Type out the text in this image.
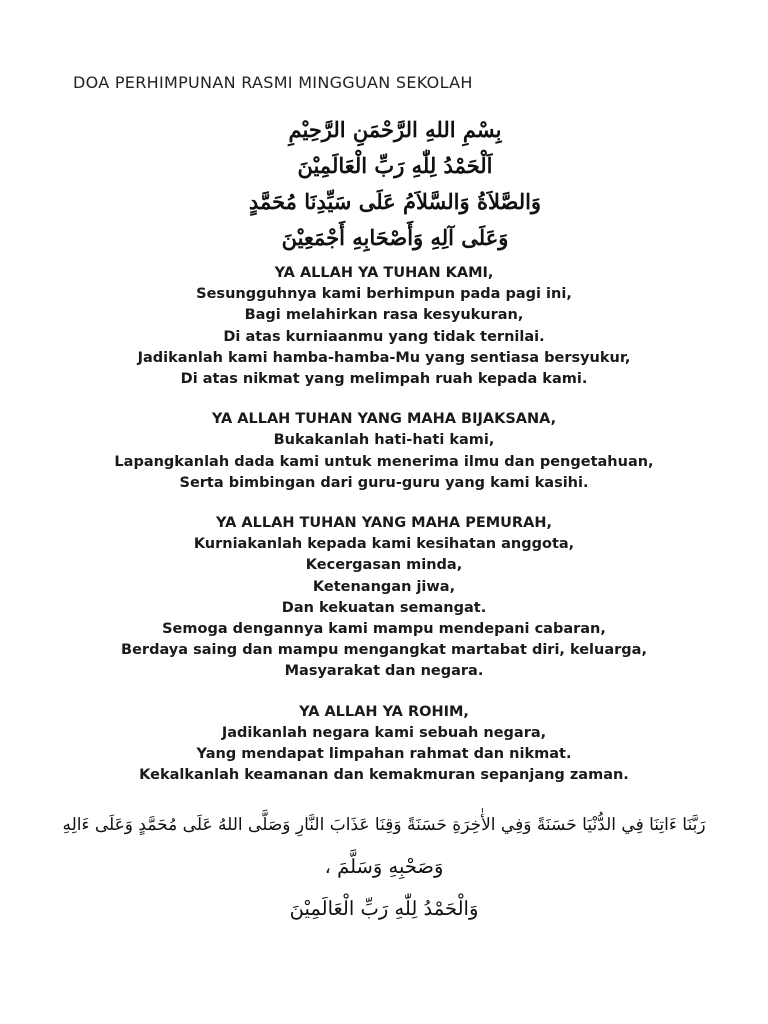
DOA PERHIMPUNAN RASMI MINGGUAN SEKOLAH
بِسْمِ اللهِ الرَّحْمَنِ الرَّحِيْمِ
اَلْحَمْدُ لِلّٰهِ رَبِّ الْعَالَمِيْنَ
وَالصَّلاَةُ وَالسَّلاَمُ عَلَى سَيِّدِنَا مُحَمَّدٍ
وَعَلَى آلِهِ وَأَصْحَابِهِ أَجْمَعِيْنَ
YA ALLAH YA TUHAN KAMI,
Sesungguhnya kami berhimpun pada pagi ini,
Bagi melahirkan rasa kesyukuran,
Di atas kurniaanmu yang tidak ternilai.
Jadikanlah kami hamba-hamba-Mu yang sentiasa bersyukur,
Di atas nikmat yang melimpah ruah kepada kami.
YA ALLAH TUHAN YANG MAHA BIJAKSANA,
Bukakanlah hati-hati kami,
Lapangkanlah dada kami untuk menerima ilmu dan pengetahuan,
Serta bimbingan dari guru-guru yang kami kasihi.
YA ALLAH TUHAN YANG MAHA PEMURAH,
Kurniakanlah kepada kami kesihatan anggota,
Kecergasan minda,
Ketenangan jiwa,
Dan kekuatan semangat.
Semoga dengannya kami mampu mendepani cabaran,
Berdaya saing dan mampu mengangkat martabat diri, keluarga,
Masyarakat dan negara.
YA ALLAH YA ROHIM,
Jadikanlah negara kami sebuah negara,
Yang mendapat limpahan rahmat dan nikmat.
Kekalkanlah keamanan dan kemakmuran sepanjang zaman.
رَبَّنَا ءَاتِنَا فِي الدُّنْيَا حَسَنَةً وَفِي الأٰخِرَةِ حَسَنَةً وَقِنَا عَذَابَ النَّارِ وَصَلَّى اللهُ عَلَى مُحَمَّدٍ وَعَلَى ءَالِهِ
وَصَحْبِهِ وَسَلَّمَ ،
وَالْحَمْدُ لِلّٰهِ رَبِّ الْعَالَمِيْنَ
